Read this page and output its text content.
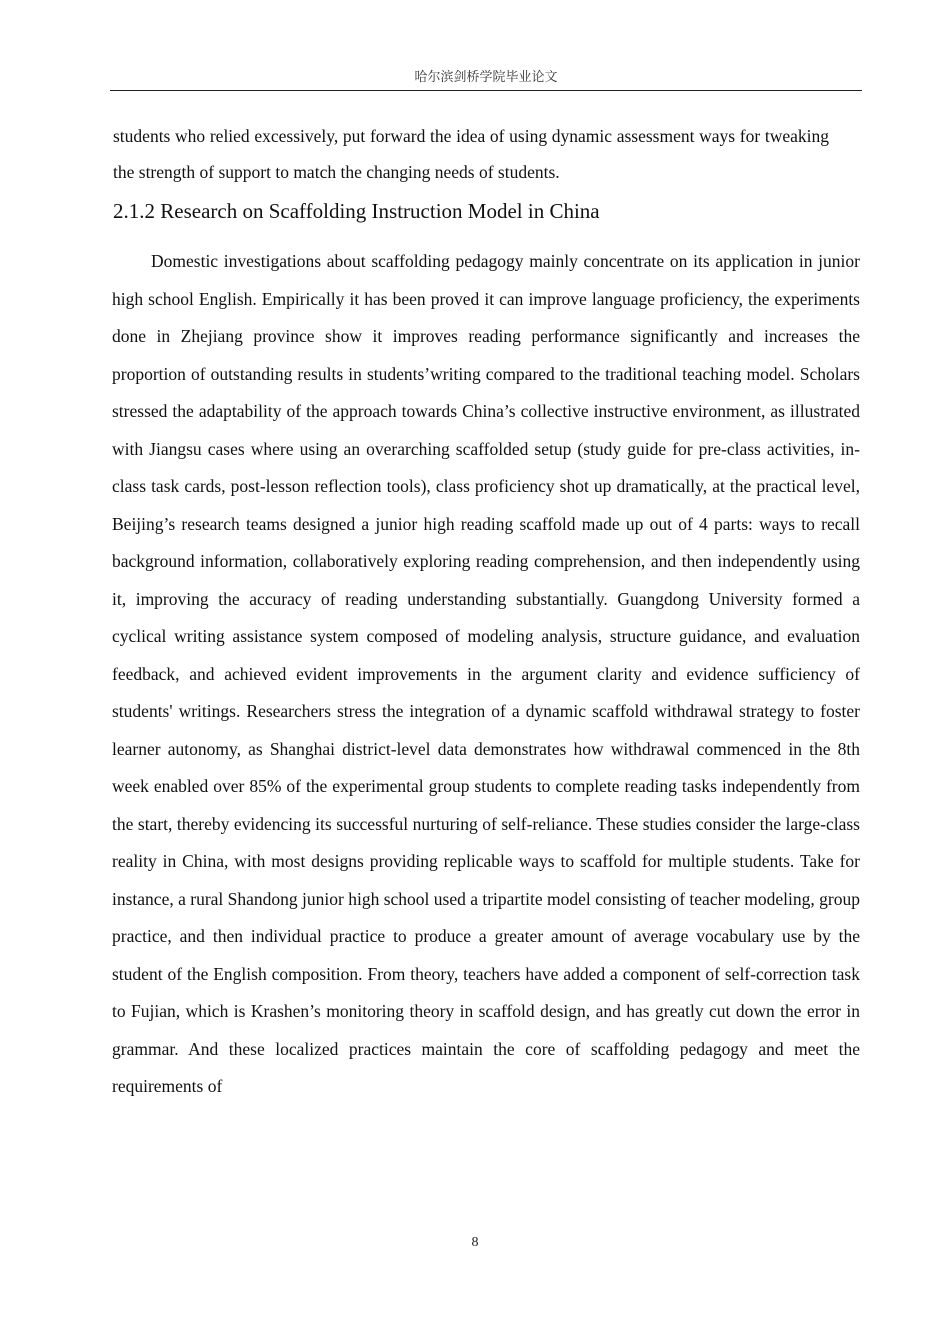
哈尔滨剑桥学院毕业论文

students who relied excessively, put forward the idea of using dynamic assessment ways for tweaking the strength of support to match the changing needs of students.

2.1.2 Research on Scaffolding Instruction Model in China

Domestic investigations about scaffolding pedagogy mainly concentrate on its application in junior high school English. Empirically it has been proved it can improve language proficiency, the experiments done in Zhejiang province show it improves reading performance significantly and increases the proportion of outstanding results in students’writing compared to the traditional teaching model. Scholars stressed the adaptability of the approach towards China’s collective instructive environment, as illustrated with Jiangsu cases where using an overarching scaffolded setup (study guide for pre-class activities, in-class task cards, post-lesson reflection tools), class proficiency shot up dramatically, at the practical level, Beijing’s research teams designed a junior high reading scaffold made up out of 4 parts: ways to recall background information, collaboratively exploring reading comprehension, and then independently using it, improving the accuracy of reading understanding substantially. Guangdong University formed a cyclical writing assistance system composed of modeling analysis, structure guidance, and evaluation feedback, and achieved evident improvements in the argument clarity and evidence sufficiency of students' writings. Researchers stress the integration of a dynamic scaffold withdrawal strategy to foster learner autonomy, as Shanghai district-level data demonstrates how withdrawal commenced in the 8th week enabled over 85% of the experimental group students to complete reading tasks independently from the start, thereby evidencing its successful nurturing of self-reliance. These studies consider the large-class reality in China, with most designs providing replicable ways to scaffold for multiple students. Take for instance, a rural Shandong junior high school used a tripartite model consisting of teacher modeling, group practice, and then individual practice to produce a greater amount of average vocabulary use by the student of the English composition. From theory, teachers have added a component of self-correction task to Fujian, which is Krashen’s monitoring theory in scaffold design, and has greatly cut down the error in grammar. And these localized practices maintain the core of scaffolding pedagogy and meet the requirements of

8
